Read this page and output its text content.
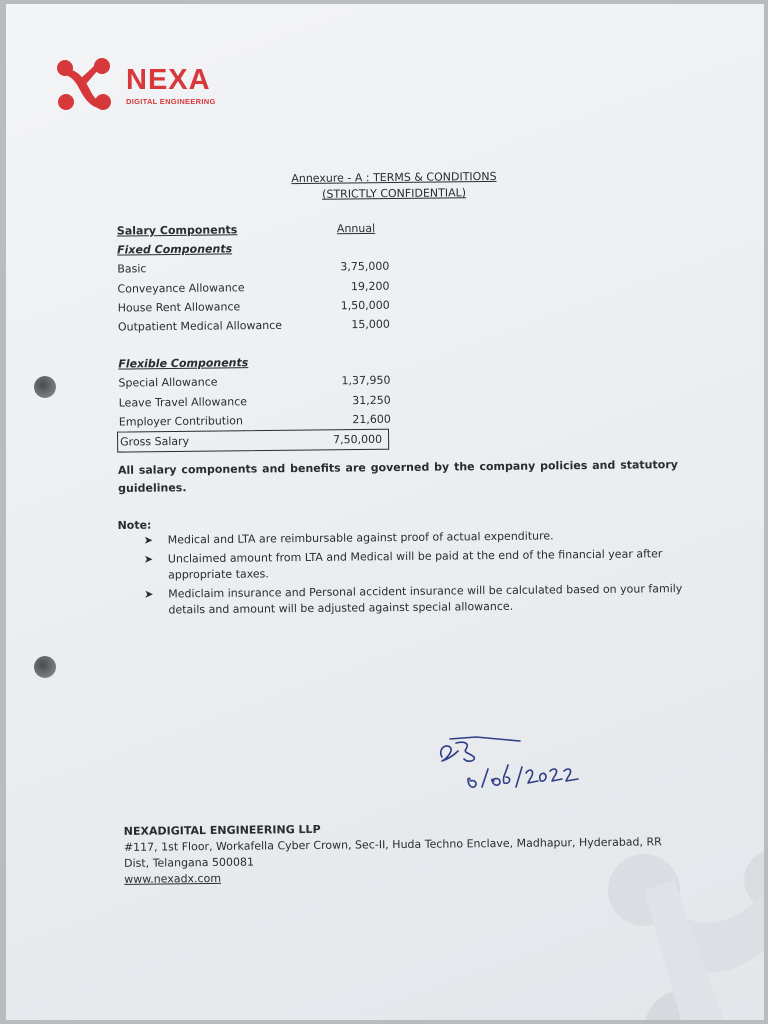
NEXA
DIGITAL ENGINEERING
Annexure - A : TERMS & CONDITIONS
(STRICTLY CONFIDENTIAL)
Salary Components	Annual
Fixed Components
Basic	3,75,000
Conveyance Allowance	19,200
House Rent Allowance	1,50,000
Outpatient Medical Allowance	15,000
Flexible Components
Special Allowance	1,37,950
Leave Travel Allowance	31,250
Employer Contribution	21,600
Gross Salary	7,50,000
All salary components and benefits are governed by the company policies and statutory guidelines.
Note:
➤ Medical and LTA are reimbursable against proof of actual expenditure.
➤ Unclaimed amount from LTA and Medical will be paid at the end of the financial year after appropriate taxes.
➤ Mediclaim insurance and Personal accident insurance will be calculated based on your family details and amount will be adjusted against special allowance.
NEXADIGITAL ENGINEERING LLP
#117, 1st Floor, Workafella Cyber Crown, Sec-II, Huda Techno Enclave, Madhapur, Hyderabad, RR
Dist, Telangana 500081
www.nexadx.com
